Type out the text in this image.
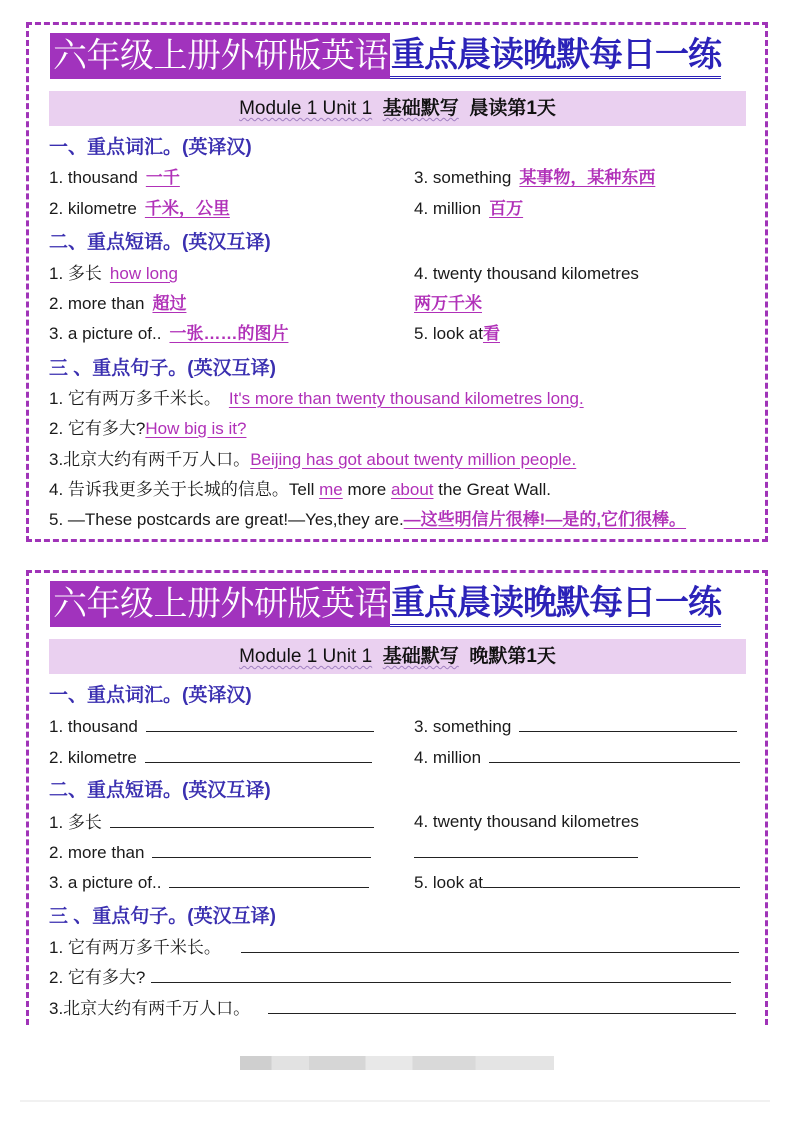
六年级上册外研版英语 重点晨读晚默每日一练
Module 1 Unit 1 基础默写 晨读第1天
一、重点词汇。(英译汉)
1. thousand 一千	3. something 某事物，某种东西
2. kilometre 千米，公里	4. million 百万
二、重点短语。(英汉互译)
1. 多长 how long	4. twenty thousand kilometres
2. more than 超过	两万千米
3. a picture of.. 一张……的图片	5. look at看
三 、重点句子。(英汉互译)
1. 它有两万多千米长。 It's more than twenty thousand kilometres long.
2. 它有多大?How big is it?
3.北京大约有两千万人口。Beijing has got about twenty million people.
4. 告诉我更多关于长城的信息。Tell me more about the Great Wall.
5. —These postcards are great!—Yes,they are.—这些明信片很棒!—是的,它们很棒。
六年级上册外研版英语 重点晨读晚默每日一练
Module 1 Unit 1 基础默写 晚默第1天
一、重点词汇。(英译汉)
1. thousand	3. something
2. kilometre	4. million
二、重点短语。(英汉互译)
1. 多长	4. twenty thousand kilometres
2. more than
3. a picture of..	5. look at
三 、重点句子。(英汉互译)
1. 它有两万多千米长。
2. 它有多大?
3.北京大约有两千万人口。
